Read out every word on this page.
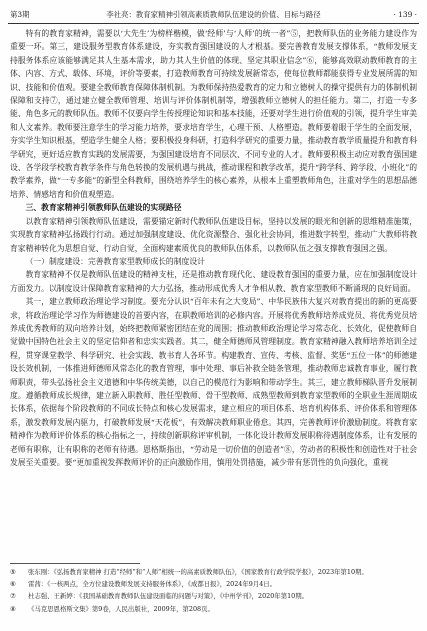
第3期	李社亮：教育家精神引领高素质教师队伍建设的价值、目标与路径	· 139 ·

特有的教育家精神，需要以‘大先生’为榜样楷模，做‘经师’与‘人师’的统一者”⑤，把教师队伍的业务能力建设作为重要一环。第三，建设服务型教育体系建设，夯实教育强国建设的人才根基。要完善教育发展支撑体系，“教师发展支持服务体系应该能够满足其人生基本需求，助力其人生价值的体现、坚定其职业信念”⑥，能够高效联动教师教育的主体、内容、方式、载体、环境，评价等要素，打造教师教育可持续发展新常态，使每位教师都能获得专业发展所需的知识、技能和价值观。要建全教师教育保障体制机制。为教师保持热爱教育的定力和立德树人的操守提供有力的体制机制保障和支持⑦，通过建立健全教师管理、培训与评价体制机制等，增强教师立德树人的担任能力。第二，打造一专多能、角色多元的教师队伍。教师不仅要向学生传授理论知识和基本技能，还要对学生进行价值观的引领，提升学生审美和人文素养。教师要注意学生的学习能力培养，要求培育学生，心理干预、人格塑造。教师要着眼于学生的全面发展，夯实学生知识根基，塑造学生健全人格；要积极投身科研，打造科学研究的重要力量，推动教育教学质量提升和教育科学研究，更好适应教育实践的发展需要，为强国建设培育不同层次、不同专业的人才。教师要积极主动应对教育强国建设、各学段学校教育教学条件与角色转换的发展机遇与挑战，推动课程和教学改革，提升“跨学科、跨学段、小班化”的教学素养，做“一专多能”的新型全科教师，围绕培养学生的核心素养，从根本上重塑教师角色，注重对学生的思想品德培养、情感培育和价值观塑造。

三、教育家精神引领教师队伍建设的实现路径

以教育家精神引领教师队伍建设，需要锚定新时代教师队伍建设目标，坚持以发展的眼光和创新的思维精准施策，实现教育家精神弘扬践行行动。通过加强制度建设、优化资源整合、强化社会协同，推进数字转型，推动广大教师将教育家精神转化为思想自觉、行动自觉，全面构建素质优良的教师队伍体系，以教师队伍之强支撑教育强国之强。

（一）制度建设：完善教育家型教师成长的制度设计

教育家精神不仅是教师队伍建设的精神支柱，还是推动教育现代化、建设教育强国的重要力量，应在加强制度设计方面发力。以制度设计保障教育家精神的大力弘扬，推动形成优秀人才争相从教、教育家型教师不断涌现的良好局面。

其一，建立教师政治理论学习制度。要充分认识“百年未有之大变局”、中华民族伟大复兴对教育提出的新的更高要求，将政治理论学习作为师德建设的首要内容，在职教师培训的必修内容。开展将优秀教师培养成党员、将优秀党员培养成优秀教师的双向培养计划，始终把教师紧密团结在党的周围；推动教师政治理论学习常态化、长效化，促使教师自觉做中国特色社会主义的坚定信仰者和忠实实践者。其二，健全师德师风管理制度。教育家精神融入教师培养培训全过程，贯穿课堂教学、科学研究、社会实践、教书育人各环节。构建教育、宣传、考核、监督、奖惩“五位一体”的师德建设长效机制，一体推进师德师风常态化的教育管理，事中处理、事后补救全链条管理，推动教师忠诚教育事业，履行教师职责，带头弘扬社会主义道德和中华传统美德，以自己的模范行为影响和带动学生。其三，建立教师梯队晋升发展制度。遵循教师成长规律，建立新入职教师、胜任型教师、骨干型教师、成熟型教师到教育家型教师的全职业生涯周期成长体系，依据每个阶段教师的不同成长特点和核心发展需求，建立相应的项目体系、培育机构体系、评价体系和管理体系，激发教师发展内驱力，打破教师发展“天花板”，有效解决教师职业倦怠。其四，完善教师评价激励制度。将教育家精神作为教师评价体系的核心指标之一，持续创新职称评审机制，一体化设计教师发展职称待遇制度体系，让有发展的老师有职称，让有职称的老师有待遇。恩格斯指出，“劳动是一切价值的创造者”⑧，劳动者的积极性和创造性对于社会发展至关重要。要“更加重视发挥教师评价的正向激励作用，慎用处罚措施，减少带有惩罚性的负向强化，重视

⑤	张东刚：《弘扬教育家精神 打造“经师”和“人师”相统一的高素质教师队伍》，《国家教育行政学院学报》，2023年第10期。
⑥	雷茜：《一核两点，全方位建设教师发展支持服务体系》，《成都日报》，2024年9月4日。
⑦	杜志强、王新婷：《我国基础教育教师队伍建设面临的问题与对策》，《中州学刊》，2020年第10期。
⑧	《马克思恩格斯文集》第9卷，人民出版社，2009年，第208页。
